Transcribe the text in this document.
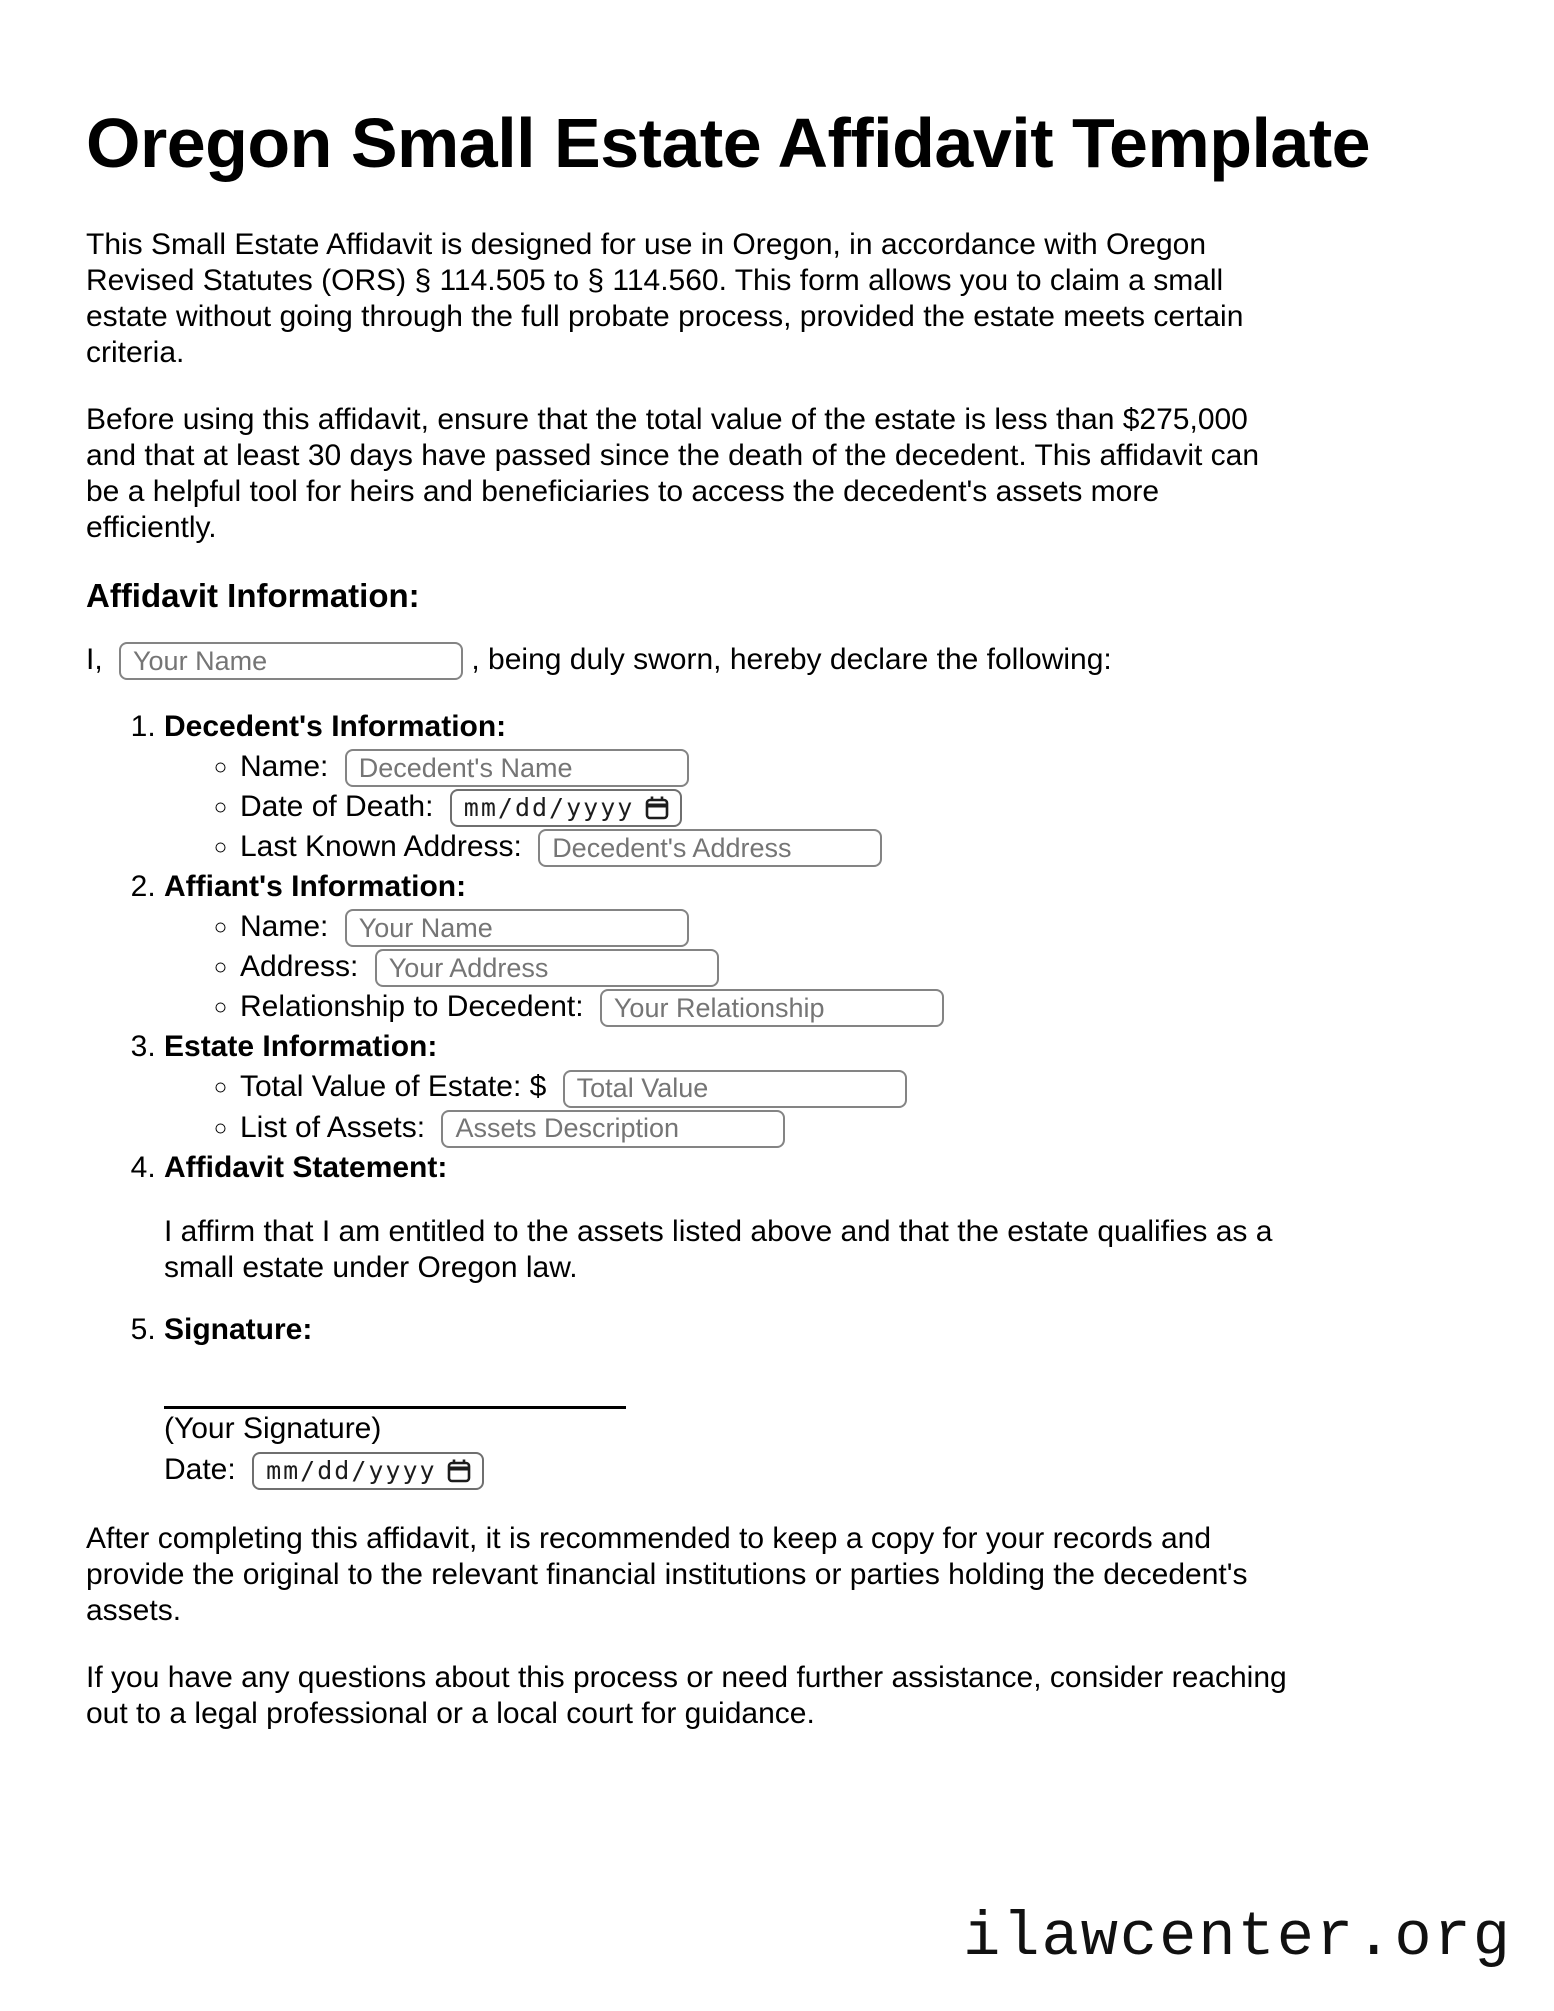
Oregon Small Estate Affidavit Template
This Small Estate Affidavit is designed for use in Oregon, in accordance with Oregon
Revised Statutes (ORS) § 114.505 to § 114.560. This form allows you to claim a small
estate without going through the full probate process, provided the estate meets certain
criteria.
Before using this affidavit, ensure that the total value of the estate is less than $275,000
and that at least 30 days have passed since the death of the decedent. This affidavit can
be a helpful tool for heirs and beneficiaries to access the decedent's assets more
efficiently.
Affidavit Information:
I, Your Name	, being duly sworn, hereby declare the following:
1. Decedent's Information:
◦ Name: Decedent's Name
◦ Date of Death: mm/dd/yyyy
◦ Last Known Address: Decedent's Address
2. Affiant's Information:
◦ Name: Your Name
◦ Address: Your Address
◦ Relationship to Decedent: Your Relationship
3. Estate Information:
◦ Total Value of Estate: $ Total Value
◦ List of Assets: Assets Description
4. Affidavit Statement:
I affirm that I am entitled to the assets listed above and that the estate qualifies as a
small estate under Oregon law.
5. Signature:
(Your Signature)
Date: mm/dd/yyyy
After completing this affidavit, it is recommended to keep a copy for your records and
provide the original to the relevant financial institutions or parties holding the decedent's
assets.
If you have any questions about this process or need further assistance, consider reaching
out to a legal professional or a local court for guidance.
ilawcenter.org
